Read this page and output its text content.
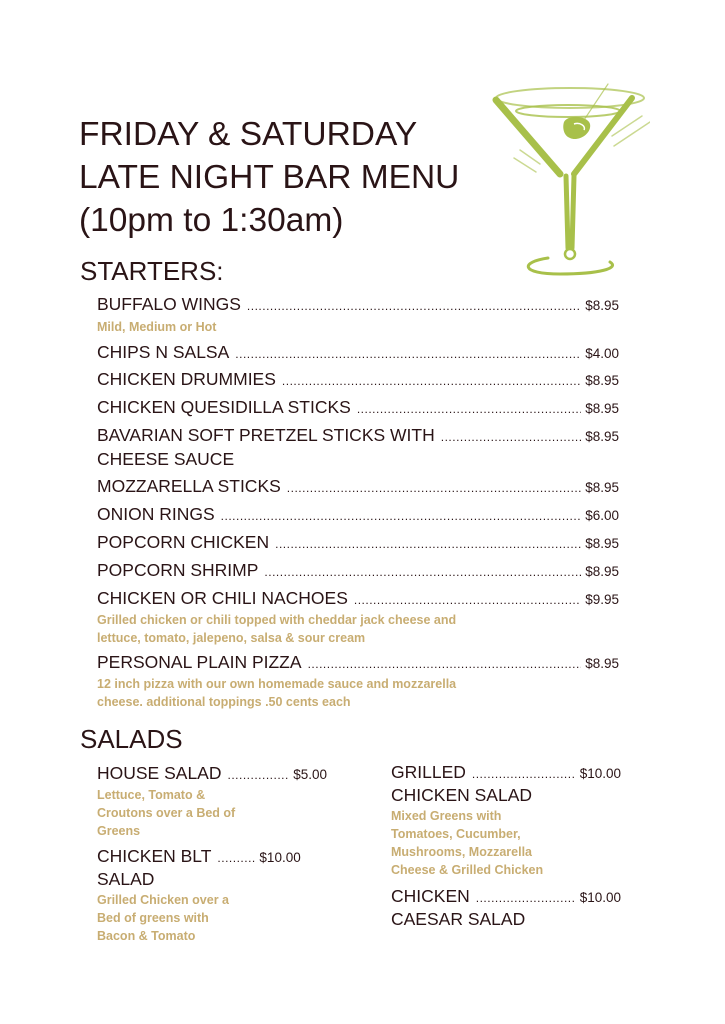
FRIDAY & SATURDAY
LATE NIGHT BAR MENU
(10pm to 1:30am)
STARTERS:
BUFFALO WINGS .....	$8.95
Mild, Medium or Hot
CHIPS N SALSA .....	$4.00
CHICKEN DRUMMIES .....	$8.95
CHICKEN QUESIDILLA STICKS .....	$8.95
BAVARIAN SOFT PRETZEL STICKS WITH .....	$8.95
CHEESE SAUCE
MOZZARELLA STICKS .....	$8.95
ONION RINGS .....	$6.00
POPCORN CHICKEN .....	$8.95
POPCORN SHRIMP .....	$8.95
CHICKEN OR CHILI NACHOES .....	$9.95
Grilled chicken or chili topped with cheddar jack cheese and
lettuce, tomato, jalepeno, salsa & sour cream
PERSONAL PLAIN PIZZA .....	$8.95
12 inch pizza with our own homemade sauce and mozzarella
cheese. additional toppings .50 cents each
SALADS
HOUSE SALAD .....	$5.00
Lettuce, Tomato &
Croutons over a Bed of
Greens
CHICKEN BLT .....	$10.00
SALAD
Grilled Chicken over a
Bed of greens with
Bacon & Tomato
GRILLED .....	$10.00
CHICKEN SALAD
Mixed Greens with
Tomatoes, Cucumber,
Mushrooms, Mozzarella
Cheese & Grilled Chicken
CHICKEN .....	$10.00
CAESAR SALAD
